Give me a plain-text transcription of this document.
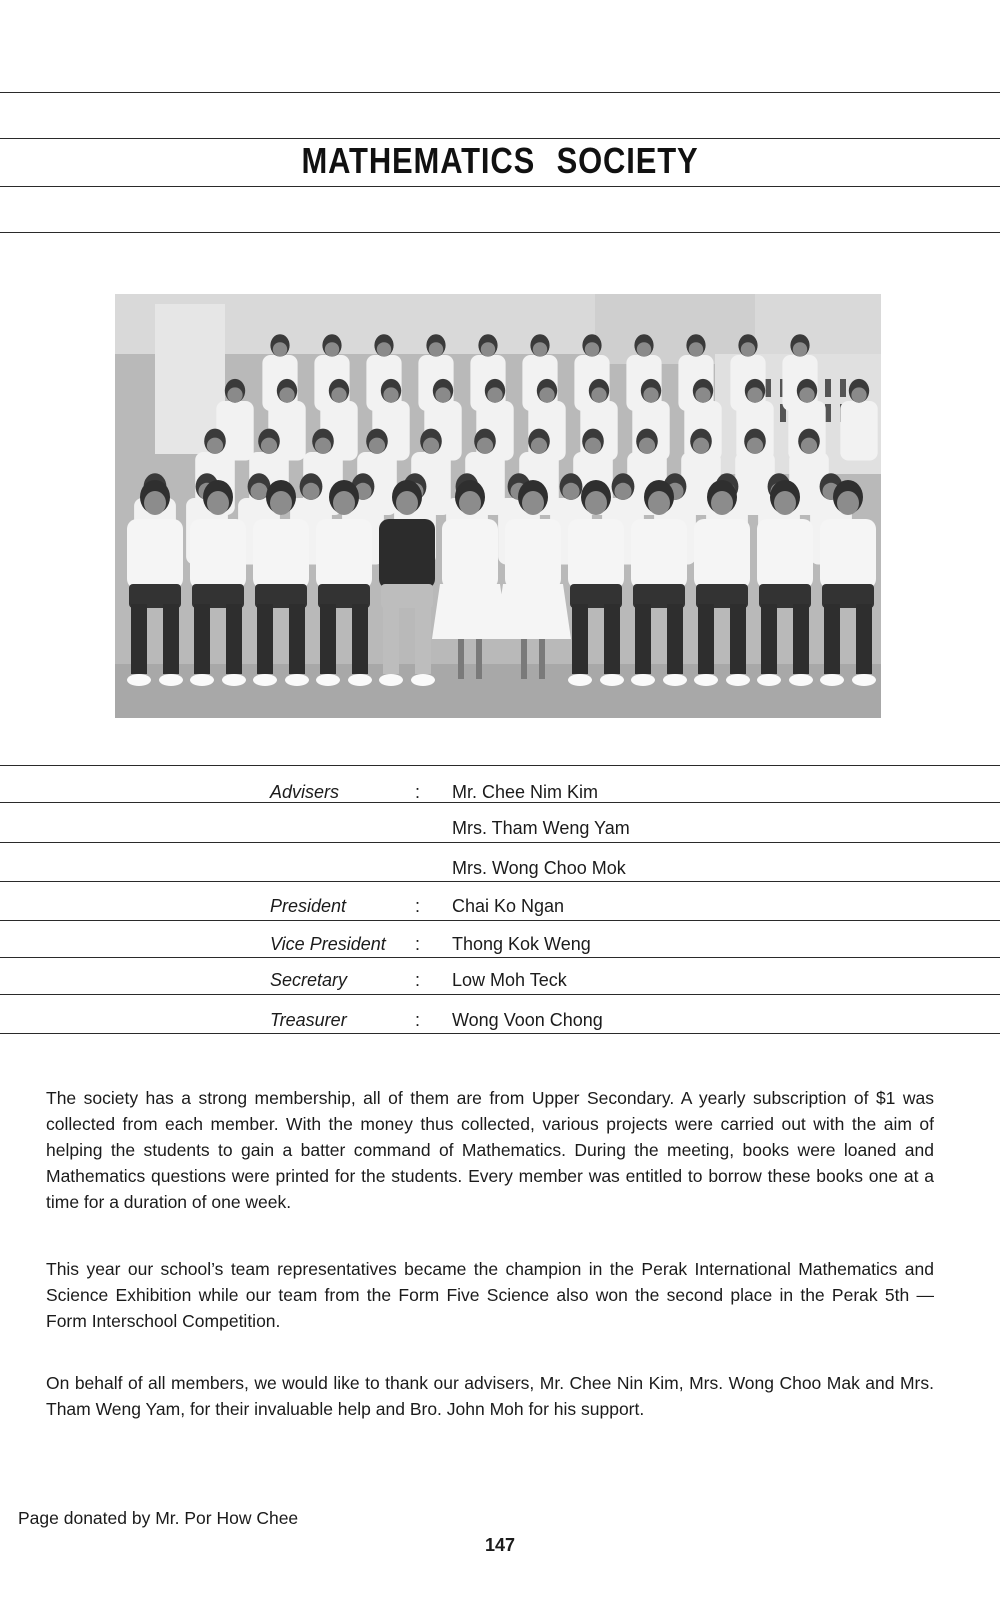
MATHEMATICS SOCIETY
Advisers	: Mr. Chee Nim Kim
Mrs. Tham Weng Yam
Mrs. Wong Choo Mok
President	: Chai Ko Ngan
Vice President : Thong Kok Weng
Secretary	: Low Moh Teck
Treasurer	: Wong Voon Chong
The society has a strong membership, all of them are from Upper Secondary. A yearly subscription of $1 was collected from each member. With the money thus collected, various projects were carried out with the aim of helping the students to gain a batter command of Mathematics. During the meeting, books were loaned and Mathematics questions were printed for the students. Every member was entitled to borrow these books one at a time for a duration of one week.
This year our school’s team representatives became the champion in the Perak International Mathematics and Science Exhibition while our team from the Form Five Science also won the second place in the Perak 5th — Form Interschool Competition.
On behalf of all members, we would like to thank our advisers, Mr. Chee Nin Kim, Mrs. Wong Choo Mak and Mrs. Tham Weng Yam, for their invaluable help and Bro. John Moh for his support.
Page donated by Mr. Por How Chee
147
